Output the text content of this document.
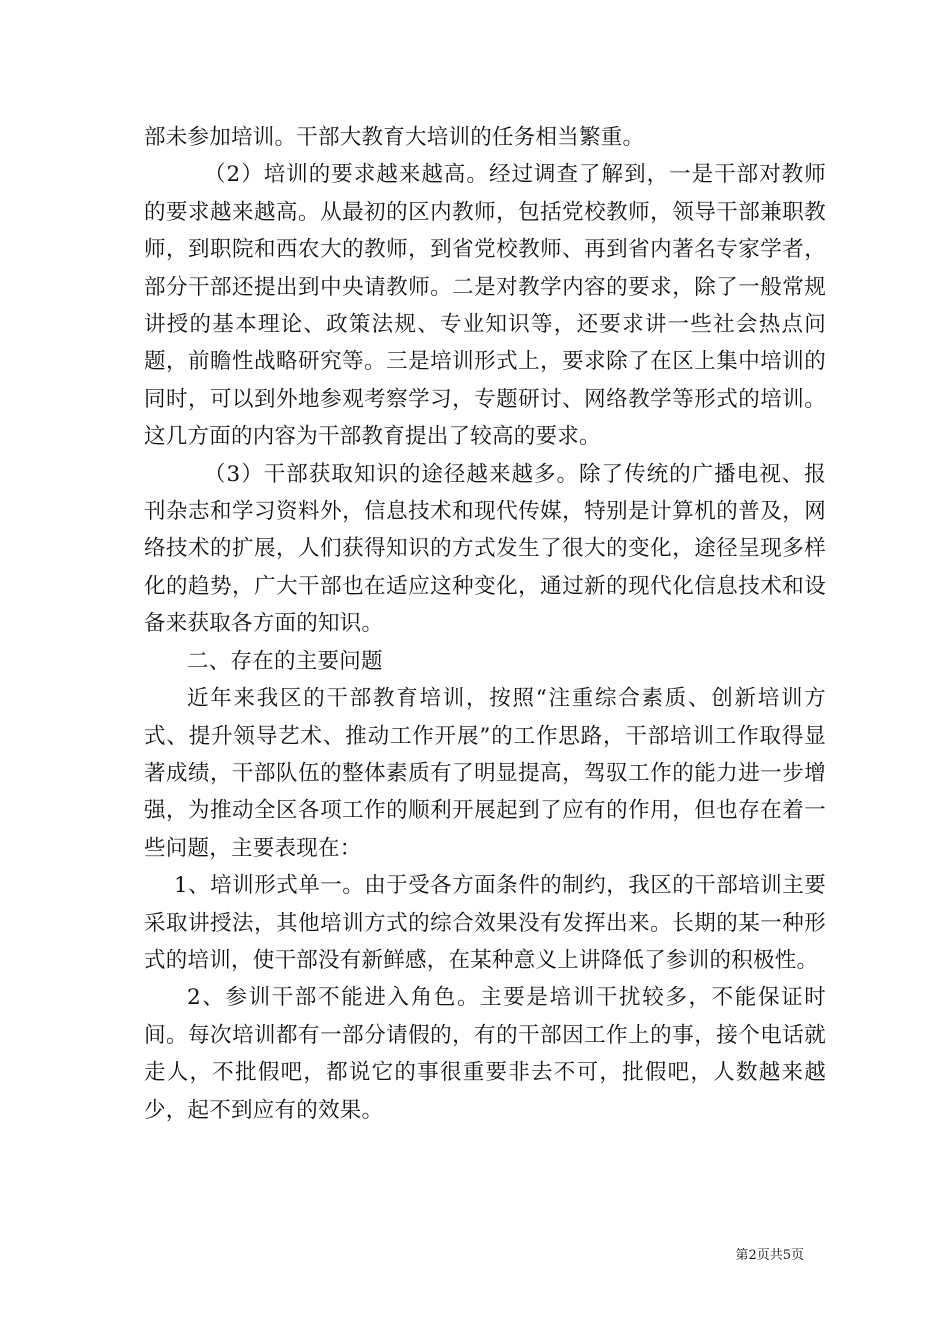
部未参加培训。干部大教育大培训的任务相当繁重。

（2）培训的要求越来越高。经过调查了解到，一是干部对教师的要求越来越高。从最初的区内教师，包括党校教师，领导干部兼职教师，到职院和西农大的教师，到省党校教师、再到省内著名专家学者，部分干部还提出到中央请教师。二是对教学内容的要求，除了一般常规讲授的基本理论、政策法规、专业知识等，还要求讲一些社会热点问题，前瞻性战略研究等。三是培训形式上，要求除了在区上集中培训的同时，可以到外地参观考察学习，专题研讨、网络教学等形式的培训。这几方面的内容为干部教育提出了较高的要求。

（3）干部获取知识的途径越来越多。除了传统的广播电视、报刊杂志和学习资料外，信息技术和现代传媒，特别是计算机的普及，网络技术的扩展，人们获得知识的方式发生了很大的变化，途径呈现多样化的趋势，广大干部也在适应这种变化，通过新的现代化信息技术和设备来获取各方面的知识。

二、存在的主要问题

近年来我区的干部教育培训，按照“注重综合素质、创新培训方式、提升领导艺术、推动工作开展”的工作思路，干部培训工作取得显著成绩，干部队伍的整体素质有了明显提高，驾驭工作的能力进一步增强，为推动全区各项工作的顺利开展起到了应有的作用，但也存在着一些问题，主要表现在：

1、培训形式单一。由于受各方面条件的制约，我区的干部培训主要采取讲授法，其他培训方式的综合效果没有发挥出来。长期的某一种形式的培训，使干部没有新鲜感，在某种意义上讲降低了参训的积极性。

2、参训干部不能进入角色。主要是培训干扰较多，不能保证时间。每次培训都有一部分请假的，有的干部因工作上的事，接个电话就走人，不批假吧，都说它的事很重要非去不可，批假吧，人数越来越少，起不到应有的效果。

第2页共5页
